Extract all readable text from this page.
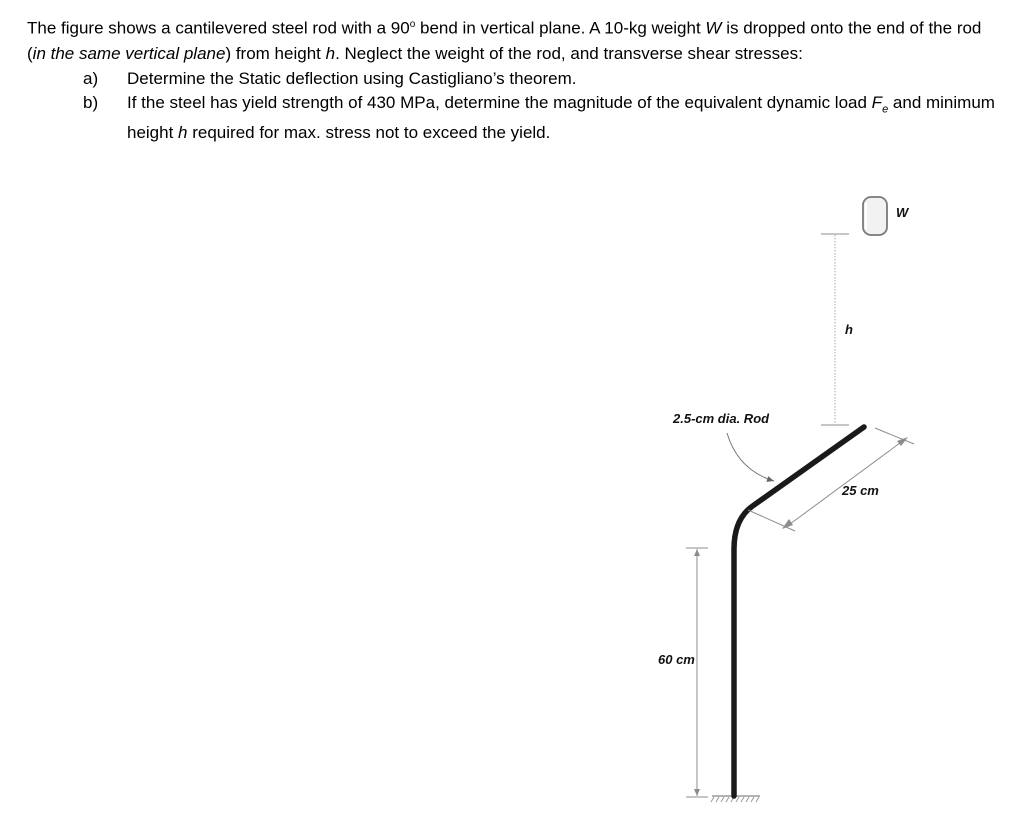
The figure shows a cantilevered steel rod with a 90$^o$ bend in vertical plane. A 10-kg weight W is dropped onto the end of the rod (in the same vertical plane) from height h. Neglect the weight of the rod, and transverse shear stresses:

a)	Determine the Static deflection using Castigliano’s theorem.
b)	If the steel has yield strength of 430 MPa, determine the magnitude of the equivalent dynamic load $F_e$ and minimum height h required for max. stress not to exceed the yield.
60 cm
25 cm
h
W
2.5-cm dia. Rod
